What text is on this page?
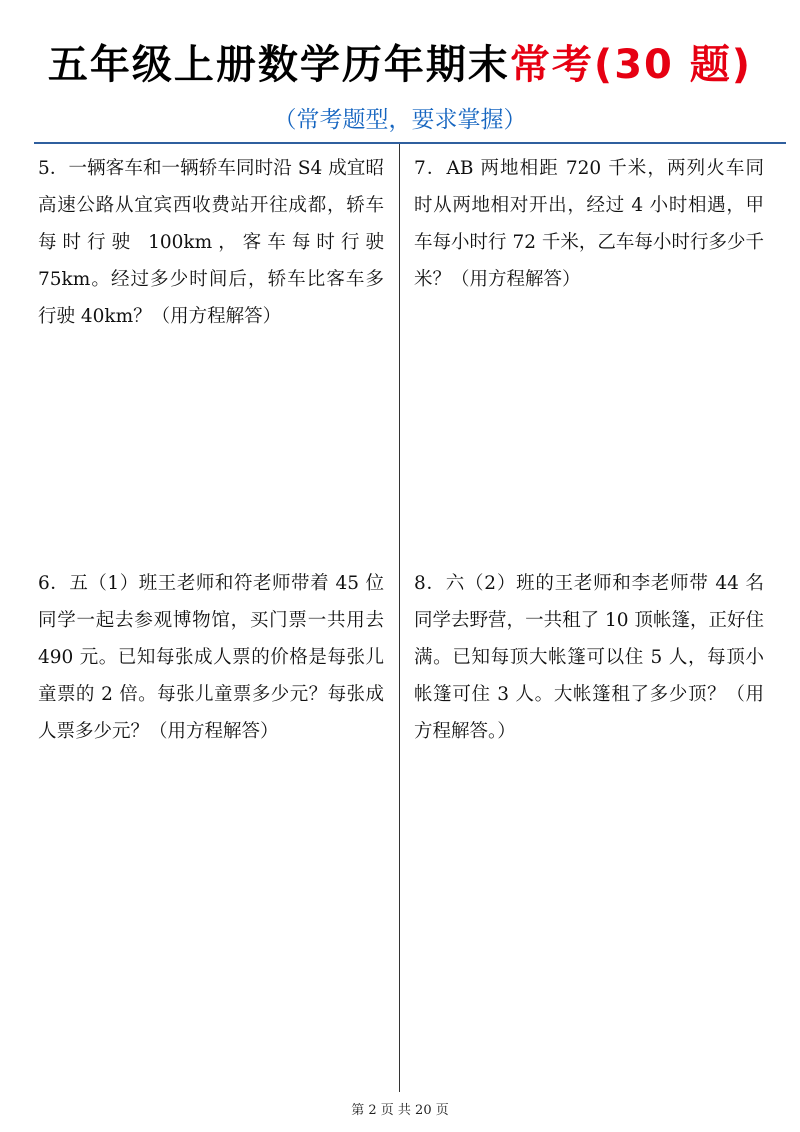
五年级上册数学历年期末常考(30 题)
（常考题型，要求掌握）
5．一辆客车和一辆轿车同时沿 S4 成宜昭高速公路从宜宾西收费站开往成都，轿车每时行驶 100km，客车每时行驶 75km。经过多少时间后，轿车比客车多行驶 40km？（用方程解答）
7．AB 两地相距 720 千米，两列火车同时从两地相对开出，经过 4 小时相遇，甲车每小时行 72 千米，乙车每小时行多少千米？（用方程解答）
6．五（1）班王老师和符老师带着 45 位同学一起去参观博物馆，买门票一共用去 490 元。已知每张成人票的价格是每张儿童票的 2 倍。每张儿童票多少元？每张成人票多少元？（用方程解答）
8．六（2）班的王老师和李老师带 44 名同学去野营，一共租了 10 顶帐篷，正好住满。已知每顶大帐篷可以住 5 人，每顶小帐篷可住 3 人。大帐篷租了多少顶？（用方程解答。）
第 2 页 共 20 页
